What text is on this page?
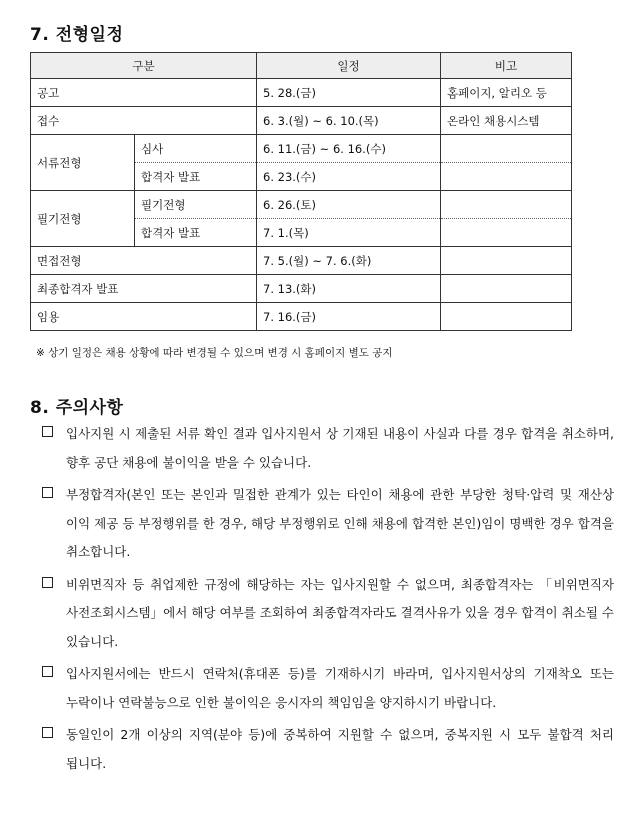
7. 전형일정
구분		일정	비고
공고		5. 28.(금)	홈페이지, 알리오 등
접수		6. 3.(월) ~ 6. 10.(목)	온라인 채용시스템
서류전형	심사	6. 11.(금) ~ 6. 16.(수)	
	합격자 발표	6. 23.(수)	
필기전형	필기전형	6. 26.(토)	
	합격자 발표	7. 1.(목)	
면접전형		7. 5.(월) ~ 7. 6.(화)	
최종합격자 발표		7. 13.(화)	
임용		7. 16.(금)	
※ 상기 일정은 채용 상황에 따라 변경될 수 있으며 변경 시 홈페이지 별도 공지
8. 주의사항
입사지원 시 제출된 서류 확인 결과 입사지원서 상 기재된 내용이 사실과 다를 경우 합격을 취소하며, 향후 공단 채용에 불이익을 받을 수 있습니다.
부정합격자(본인 또는 본인과 밀접한 관계가 있는 타인이 채용에 관한 부당한 청탁·압력 및 재산상 이익 제공 등 부정행위를 한 경우, 해당 부정행위로 인해 채용에 합격한 본인)임이 명백한 경우 합격을 취소합니다.
비위면직자 등 취업제한 규정에 해당하는 자는 입사지원할 수 없으며, 최종합격자는 「비위면직자 사전조회시스템」에서 해당 여부를 조회하여 최종합격자라도 결격사유가 있을 경우 합격이 취소될 수 있습니다.
입사지원서에는 반드시 연락처(휴대폰 등)를 기재하시기 바라며, 입사지원서상의 기재착오 또는 누락이나 연락불능으로 인한 불이익은 응시자의 책임임을 양지하시기 바랍니다.
동일인이 2개 이상의 지역(분야 등)에 중복하여 지원할 수 없으며, 중복지원 시 모두 불합격 처리 됩니다.
